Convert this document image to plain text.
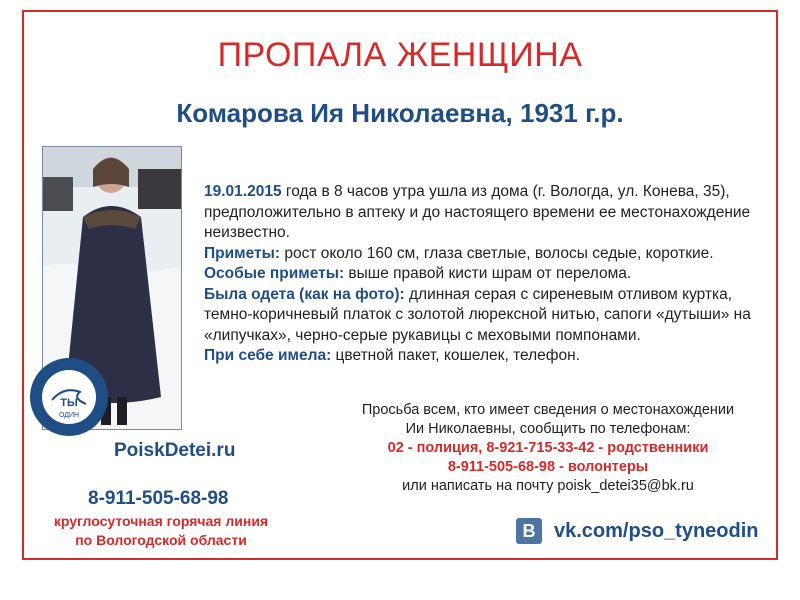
ПРОПАЛА ЖЕНЩИНА
Комарова Ия Николаевна, 1931 г.р.
ТЫ
ОДИН

19.01.2015 года в 8 часов утра ушла из дома (г. Вологда, ул. Конева, 35), предположительно в аптеку и до настоящего времени ее местонахождение неизвестно.

Приметы: рост около 160 см, глаза светлые, волосы седые, короткие.

Особые приметы: выше правой кисти шрам от перелома.

Была одета (как на фото): длинная серая с сиреневым отливом куртка, темно-коричневый платок с золотой люрексной нитью, сапоги «дутыши» на «липучках», черно-серые рукавицы с меховыми помпонами.

При себе имела: цветной пакет, кошелек, телефон.

PoiskDetei.ru
8-911-505-68-98
круглосуточная горячая линия
по Вологодской области
Просьба всем, кто имеет сведения о местонахождении
Ии Николаевны, сообщить по телефонам:
02 - полиция, 8-921-715-33-42 - родственники
8-911-505-68-98 - волонтеры
или написать на почту poisk_detei35@bk.ru
В vk.com/pso_tyneodin
